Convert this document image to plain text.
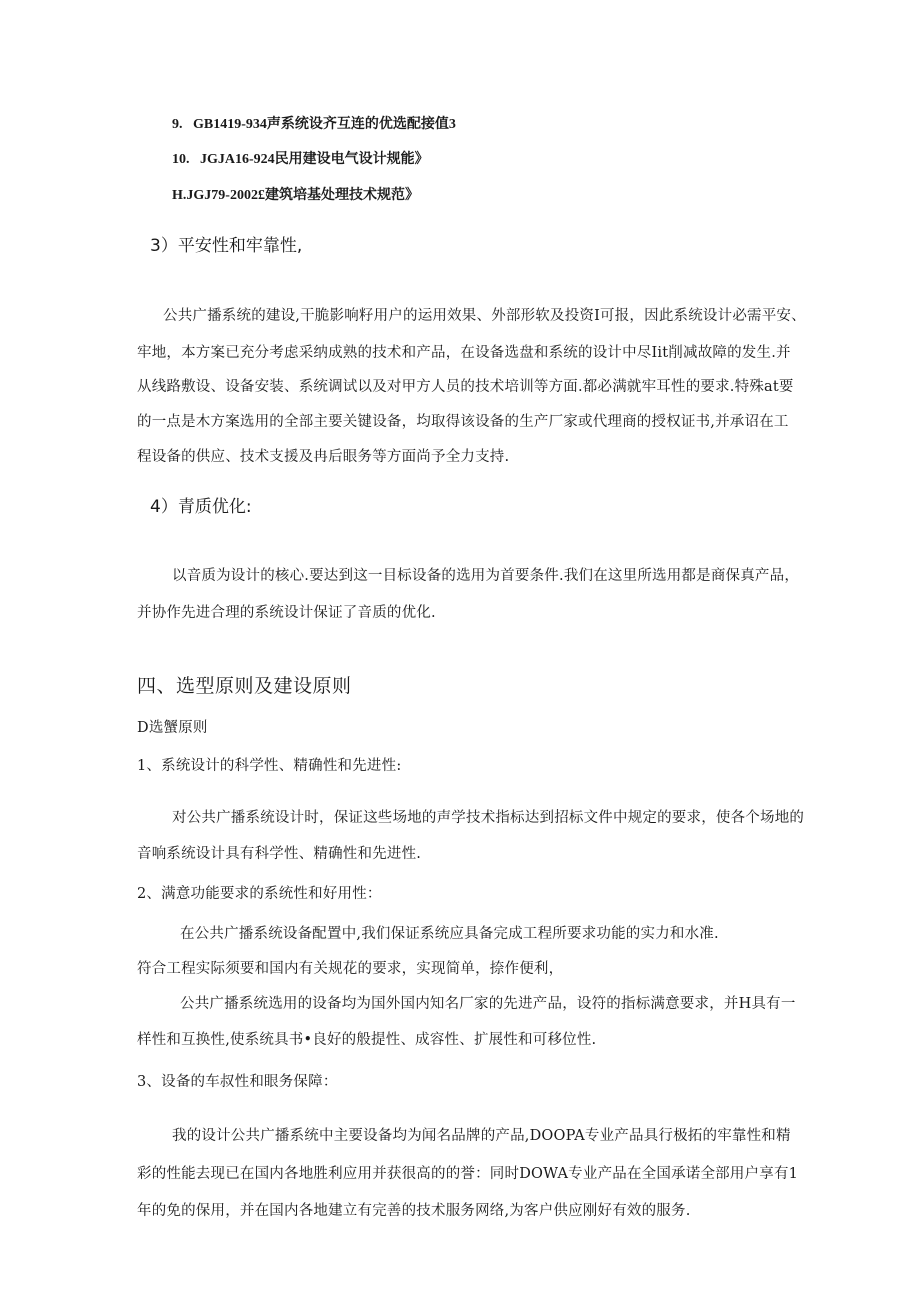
9. GB1419-934声系统设齐互连的优选配接值3
10. JGJA16-924民用建设电气设计规能》
H.JGJ79-2002£建筑培基处理技术规范》
3）平安性和牢靠性,
公共广播系统的建设,干脆影响籽用户的运用效果、外部形软及投资I可报，因此系统设计必需平安、
牢地，本方案已充分考虑采纳成熟的技术和产品，在设备选盘和系统的设计中尽Iit削减故障的发生.并
从线路敷设、设备安装、系统调试以及对甲方人员的技术培训等方面.都必满就牢耳性的要求.特殊at要
的一点是木方案选用的全部主要关键设备，均取得该设备的生产厂家或代理商的授权证书,并承诏在工
程设备的供应、技术支援及冉后眼务等方面尚予全力支持.
4）青质优化:
以音质为设计的核心.要达到这一目标设备的选用为首要条件.我们在这里所选用都是商保真产品，
并协作先进合理的系统设计保证了音质的优化.
四、选型原则及建设原则
D选蟹原则
1、系统设计的科学性、精确性和先进性:
对公共广播系统设计时，保证这些场地的声学技术指标达到招标文件中规定的要求，使各个场地的
音响系统设计具有科学性、精确性和先进性.
2、满意功能要求的系统性和好用性：
在公共广播系统设备配置中,我们保证系统应具备完成工程所要求功能的实力和水准.
符合工程实际须要和国内有关规花的要求，实现简单，捺作便利，
公共广播系统选用的设备均为国外国内知名厂家的先进产品，设符的指标满意要求，并H具有一
样性和互换性,使系统具书•良好的般提性、成容性、扩展性和可移位性.
3、设备的车叔性和眼务保障：
我的设计公共广播系统中主要设备均为闻名品牌的产品,DOOPA专业产品具行极拓的牢靠性和精
彩的性能去现已在国内各地胜利应用并获很高的的誉：同时DOWA专业产品在全国承诺全部用户享有1
年的免的保用，并在国内各地建立有完善的技术服务网络,为客户供应刚好有效的服务.
